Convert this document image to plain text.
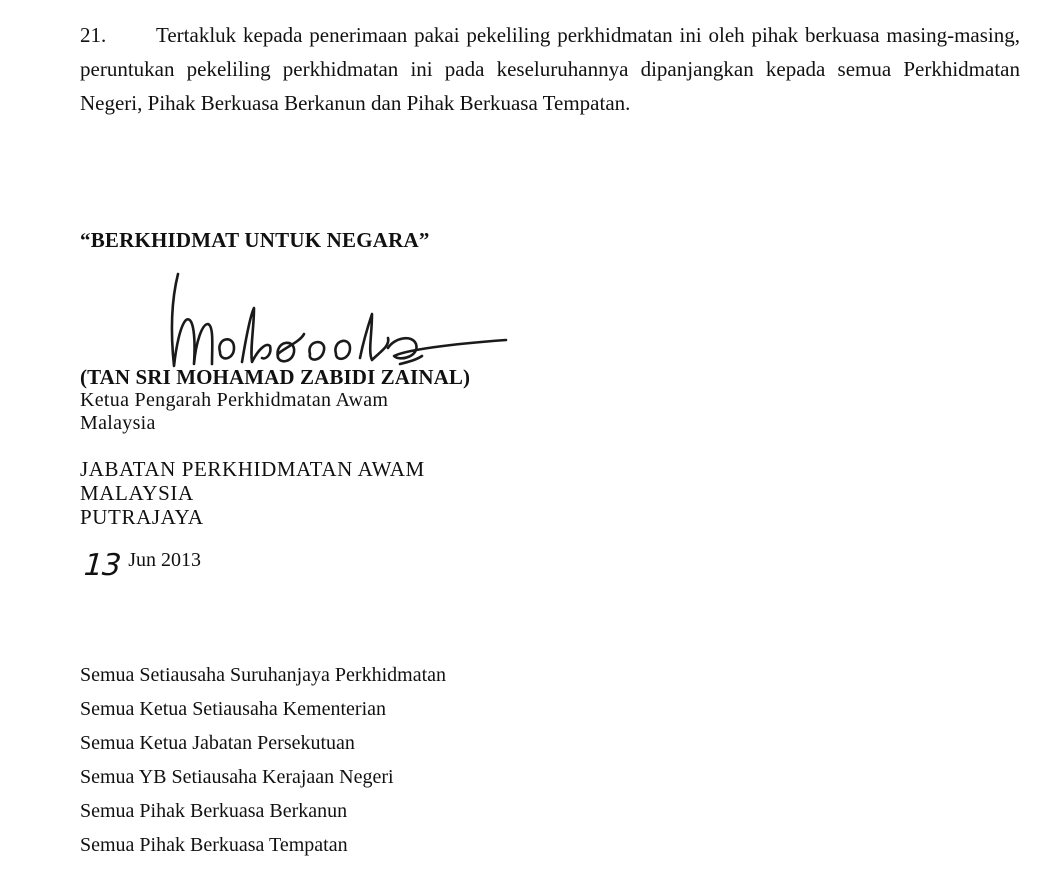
21. Tertakluk kepada penerimaan pakai pekeliling perkhidmatan ini oleh pihak berkuasa masing-masing, peruntukan pekeliling perkhidmatan ini pada keseluruhannya dipanjangkan kepada semua Perkhidmatan Negeri, Pihak Berkuasa Berkanun dan Pihak Berkuasa Tempatan.

“BERKHIDMAT UNTUK NEGARA”

(TAN SRI MOHAMAD ZABIDI ZAINAL)

Ketua Pengarah Perkhidmatan Awam
Malaysia

JABATAN PERKHIDMATAN AWAM
MALAYSIA
PUTRAJAYA

13 Jun 2013

Semua Setiausaha Suruhanjaya Perkhidmatan
Semua Ketua Setiausaha Kementerian
Semua Ketua Jabatan Persekutuan
Semua YB Setiausaha Kerajaan Negeri
Semua Pihak Berkuasa Berkanun
Semua Pihak Berkuasa Tempatan
